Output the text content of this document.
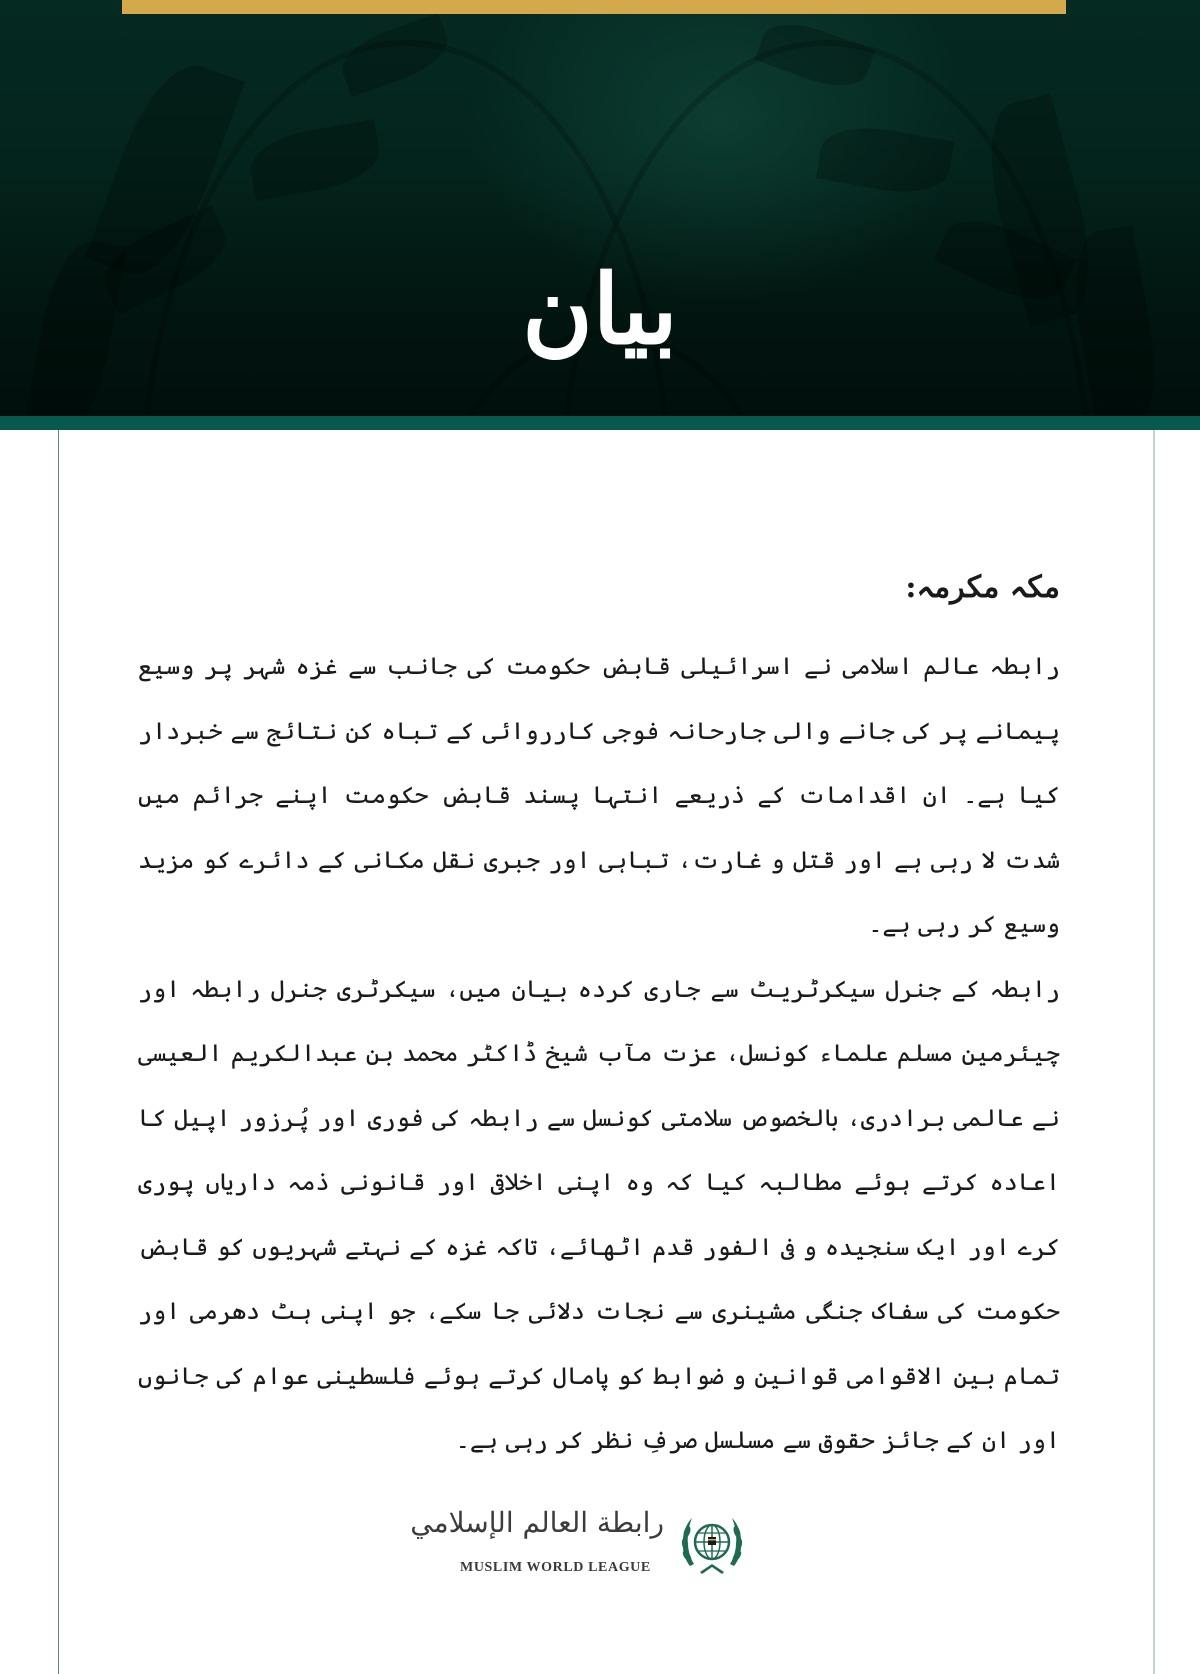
بیان
مکہ مکرمہ:

رابطہ عالم اسلامی نے اسرائیلی قابض حکومت کی جانب سے غزہ شہر پر وسیع پیمانے پر کی جانے والی جارحانہ فوجی کارروائی کے تباہ کن نتائج سے خبردار کیا ہے۔ ان اقدامات کے ذریعے انتہا پسند قابض حکومت اپنے جرائم میں شدت لا رہی ہے اور قتل و غارت، تباہی اور جبری نقل مکانی کے دائرے کو مزید وسیع کر رہی ہے۔

رابطہ کے جنرل سیکرٹریٹ سے جاری کردہ بیان میں، سیکرٹری جنرل رابطہ اور چیئرمین مسلم علماء کونسل، عزت مآب شیخ ڈاکٹر محمد بن عبدالکریم العیسی نے عالمی برادری، بالخصوص سلامتی کونسل سے رابطہ کی فوری اور پُرزور اپیل کا اعادہ کرتے ہوئے مطالبہ کیا کہ وہ اپنی اخلاقی اور قانونی ذمہ داریاں پوری کرے اور ایک سنجیدہ و فی الفور قدم اٹھائے، تاکہ غزہ کے نہتے شہریوں کو قابض حکومت کی سفاک جنگی مشینری سے نجات دلائی جا سکے، جو اپنی ہٹ دھرمی اور تمام بین الاقوامی قوانین و ضوابط کو پامال کرتے ہوئے فلسطینی عوام کی جانوں اور ان کے جائز حقوق سے مسلسل صرفِ نظر کر رہی ہے۔

رابطة العالم الإسلامي
MUSLIM WORLD LEAGUE
